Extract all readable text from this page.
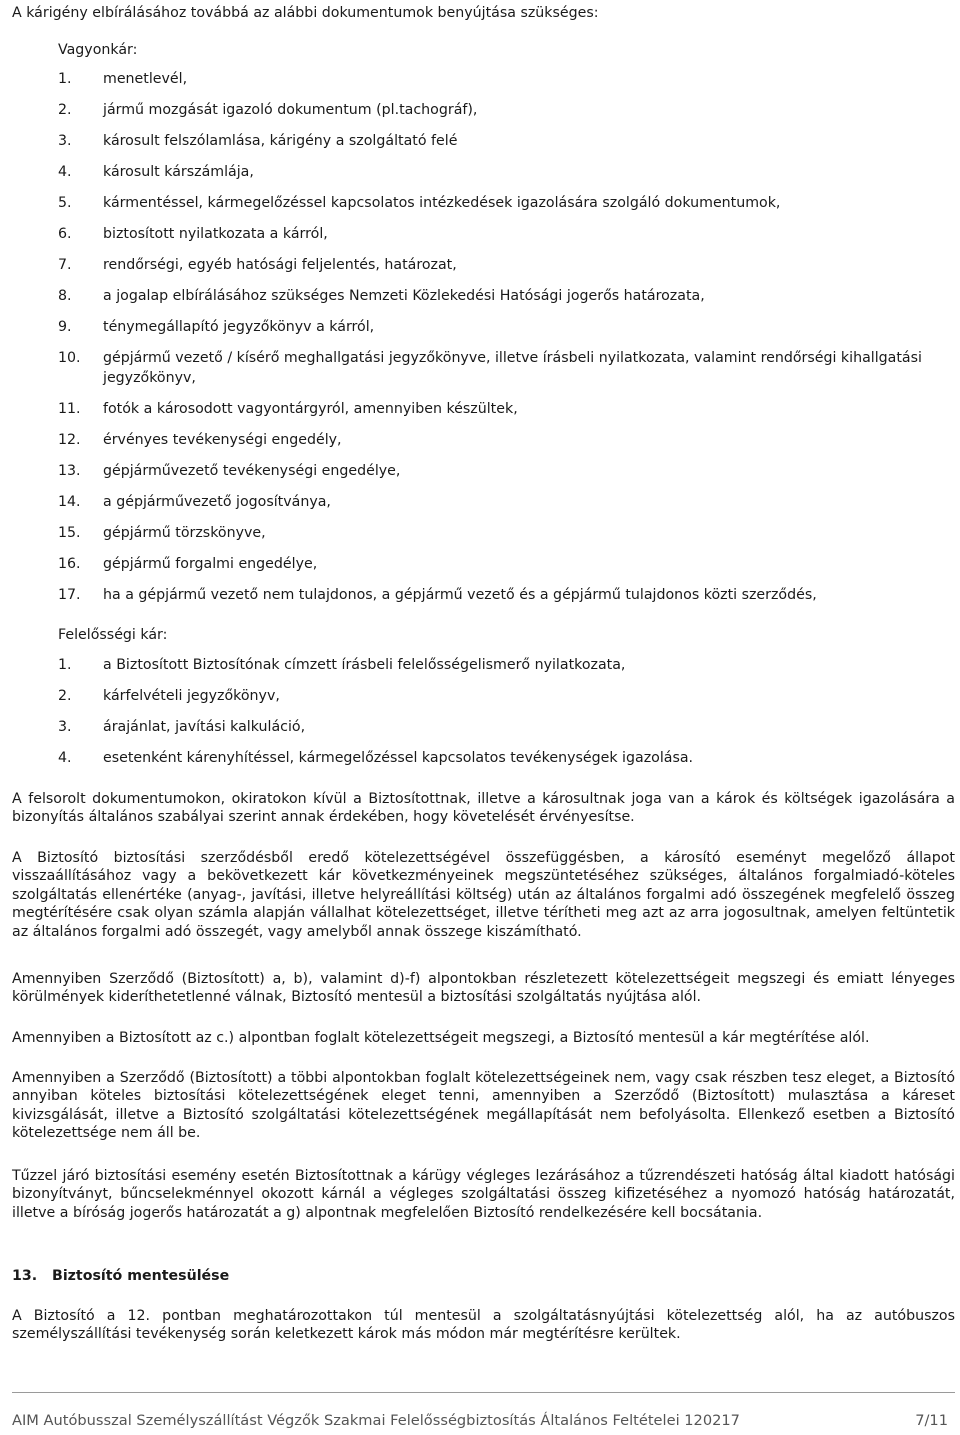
A kárigény elbírálásához továbbá az alábbi dokumentumok benyújtása szükséges:
Vagyonkár:
1.	menetlevél,
2.	jármű mozgását igazoló dokumentum (pl.tachográf),
3.	károsult felszólamlása, kárigény a szolgáltató felé
4.	károsult kárszámlája,
5.	kármentéssel, kármegelőzéssel kapcsolatos intézkedések igazolására szolgáló dokumentumok,
6.	biztosított nyilatkozata a kárról,
7.	rendőrségi, egyéb hatósági feljelentés, határozat,
8.	a jogalap elbírálásához szükséges Nemzeti Közlekedési Hatósági jogerős határozata,
9.	ténymegállapító jegyzőkönyv a kárról,
10.	gépjármű vezető / kísérő meghallgatási jegyzőkönyve, illetve írásbeli nyilatkozata, valamint rendőrségi kihallgatási jegyzőkönyv,
11.	fotók a károsodott vagyontárgyról, amennyiben készültek,
12.	érvényes tevékenységi engedély,
13.	gépjárművezető tevékenységi engedélye,
14.	a gépjárművezető jogosítványa,
15.	gépjármű törzskönyve,
16.	gépjármű forgalmi engedélye,
17.	ha a gépjármű vezető nem tulajdonos, a gépjármű vezető és a gépjármű tulajdonos közti szerződés,
Felelősségi kár:
1.	a Biztosított Biztosítónak címzett írásbeli felelősségelismerő nyilatkozata,
2.	kárfelvételi jegyzőkönyv,
3.	árajánlat, javítási kalkuláció,
4.	esetenként kárenyhítéssel, kármegelőzéssel kapcsolatos tevékenységek igazolása.
A felsorolt dokumentumokon, okiratokon kívül a Biztosítottnak, illetve a károsultnak joga van a károk és költségek igazolására a bizonyítás általános szabályai szerint annak érdekében, hogy követelését érvényesítse.
A Biztosító biztosítási szerződésből eredő kötelezettségével összefüggésben, a károsító eseményt megelőző állapot visszaállításához vagy a bekövetkezett kár következményeinek megszüntetéséhez szükséges, általános forgalmiadó-köteles szolgáltatás ellenértéke (anyag-, javítási, illetve helyreállítási költség) után az általános forgalmi adó összegének megfelelő összeg megtérítésére csak olyan számla alapján vállalhat kötelezettséget, illetve térítheti meg azt az arra jogosultnak, amelyen feltüntetik az általános forgalmi adó összegét, vagy amelyből annak összege kiszámítható.
Amennyiben Szerződő (Biztosított) a, b), valamint d)-f) alpontokban részletezett kötelezettségeit megszegi és emiatt lényeges körülmények kideríthetetlenné válnak, Biztosító mentesül a biztosítási szolgáltatás nyújtása alól.
Amennyiben a Biztosított az c.) alpontban foglalt kötelezettségeit megszegi, a Biztosító mentesül a kár megtérítése alól.
Amennyiben a Szerződő (Biztosított) a többi alpontokban foglalt kötelezettségeinek nem, vagy csak részben tesz eleget, a Biztosító annyiban köteles biztosítási kötelezettségének eleget tenni, amennyiben a Szerződő (Biztosított) mulasztása a káreset kivizsgálását, illetve a Biztosító szolgáltatási kötelezettségének megállapítását nem befolyásolta. Ellenkező esetben a Biztosító kötelezettsége nem áll be.
Tűzzel járó biztosítási esemény esetén Biztosítottnak a kárügy végleges lezárásához a tűzrendészeti hatóság által kiadott hatósági bizonyítványt, bűncselekménnyel okozott kárnál a végleges szolgáltatási összeg kifizetéséhez a nyomozó hatóság határozatát, illetve a bíróság jogerős határozatát a g) alpontnak megfelelően Biztosító rendelkezésére kell bocsátania.
13. Biztosító mentesülése
A Biztosító a 12. pontban meghatározottakon túl mentesül a szolgáltatásnyújtási kötelezettség alól, ha az autóbuszos személyszállítási tevékenység során keletkezett károk más módon már megtérítésre kerültek.
AIM Autóbusszal Személyszállítást Végzők Szakmai Felelősségbiztosítás Általános Feltételei 120217	7/11
